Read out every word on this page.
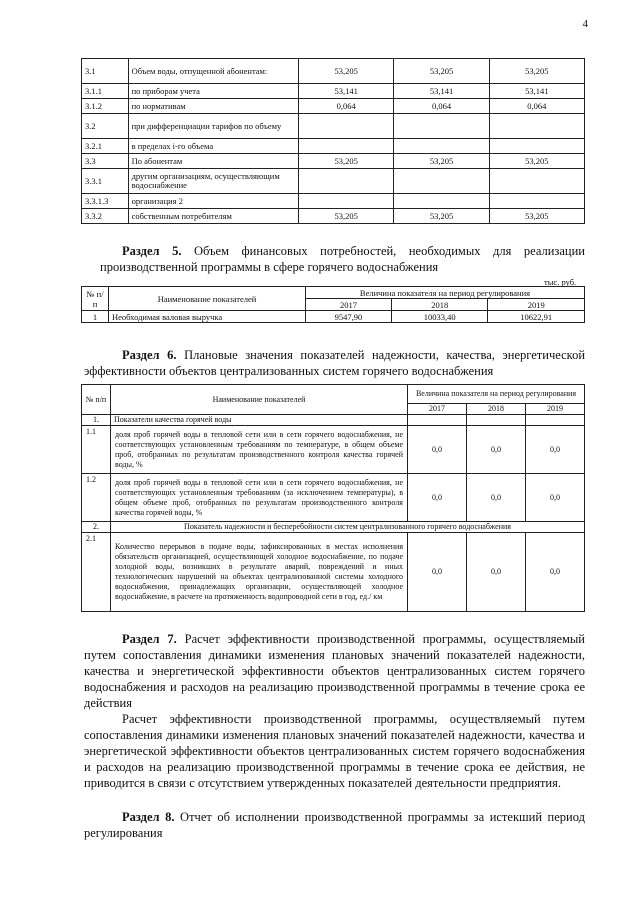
4
3.1	Объем воды, отпущенной абонентам:	53,205	53,205	53,205
3.1.1	по приборам учета	53,141	53,141	53,141
3.1.2	по нормативам	0,064	0,064	0,064
3.2	при дифференциации тарифов по объему			
3.2.1	в пределах i-го объема			
3.3	По абонентам	53,205	53,205	53,205
3.3.1	другим организациям, осуществляющим водоснабжение			
3.3.1.3	организация 2			
3.3.2	собственным потребителям	53,205	53,205	53,205
Раздел 5. Объем финансовых потребностей, необходимых для реализации производственной программы в сфере горячего водоснабжения
тыс. руб.
№ п/ п	Наименование показателей	Величина показателя на период регулирования		
		2017	2018	2019
1	Необходимая валовая выручка	9547,90	10033,40	10622,91
Раздел 6. Плановые значения показателей надежности, качества, энергетической эффективности объектов централизованных систем горячего водоснабжения
№ п/п	Наименование показателей	Величина показателя на период регулирования		
		2017	2018	2019
1.	Показатели качества горячей воды			
1.1	доля проб горячей воды в тепловой сети или в сети горячего водоснабжения, не соответствующих установленным требованиям по температуре, в общем объеме проб, отобранных по результатам производственного контроля качества горячей воды, %	0,0	0,0	0,0
1.2	доля проб горячей воды в тепловой сети или в сети горячего водоснабжения, не соответствующих установленным требованиям (за исключением температуры), в общем объеме проб, отобранных по результатам производственного контроля качества горячей воды, %	0,0	0,0	0,0
2.	Показатель надежности и бесперебойности систем централизованного горячего водоснабжения			
2.1	Количество перерывов в подаче воды, зафиксированных в местах исполнения обязательств организацией, осуществляющей холодное водоснабжение, по подаче холодной воды, возникших в результате аварий, повреждений и иных технологических нарушений на объектах централизованной системы холодного водоснабжения, принадлежащих организации, осуществляющей холодное водоснабжение, в расчете на протяженность водопроводной сети в год, ед./ км	0,0	0,0	0,0
Раздел 7. Расчет эффективности производственной программы, осуществляемый путем сопоставления динамики изменения плановых значений показателей надежности, качества и энергетической эффективности объектов централизованных систем горячего водоснабжения и расходов на реализацию производственной программы в течение срока ее действия
Расчет эффективности производственной программы, осуществляемый путем сопоставления динамики изменения плановых значений показателей надежности, качества и энергетической эффективности объектов централизованных систем горячего водоснабжения и расходов на реализацию производственной программы в течение срока ее действия, не приводится в связи с отсутствием утвержденных показателей деятельности предприятия.
Раздел 8. Отчет об исполнении производственной программы за истекший период регулирования
